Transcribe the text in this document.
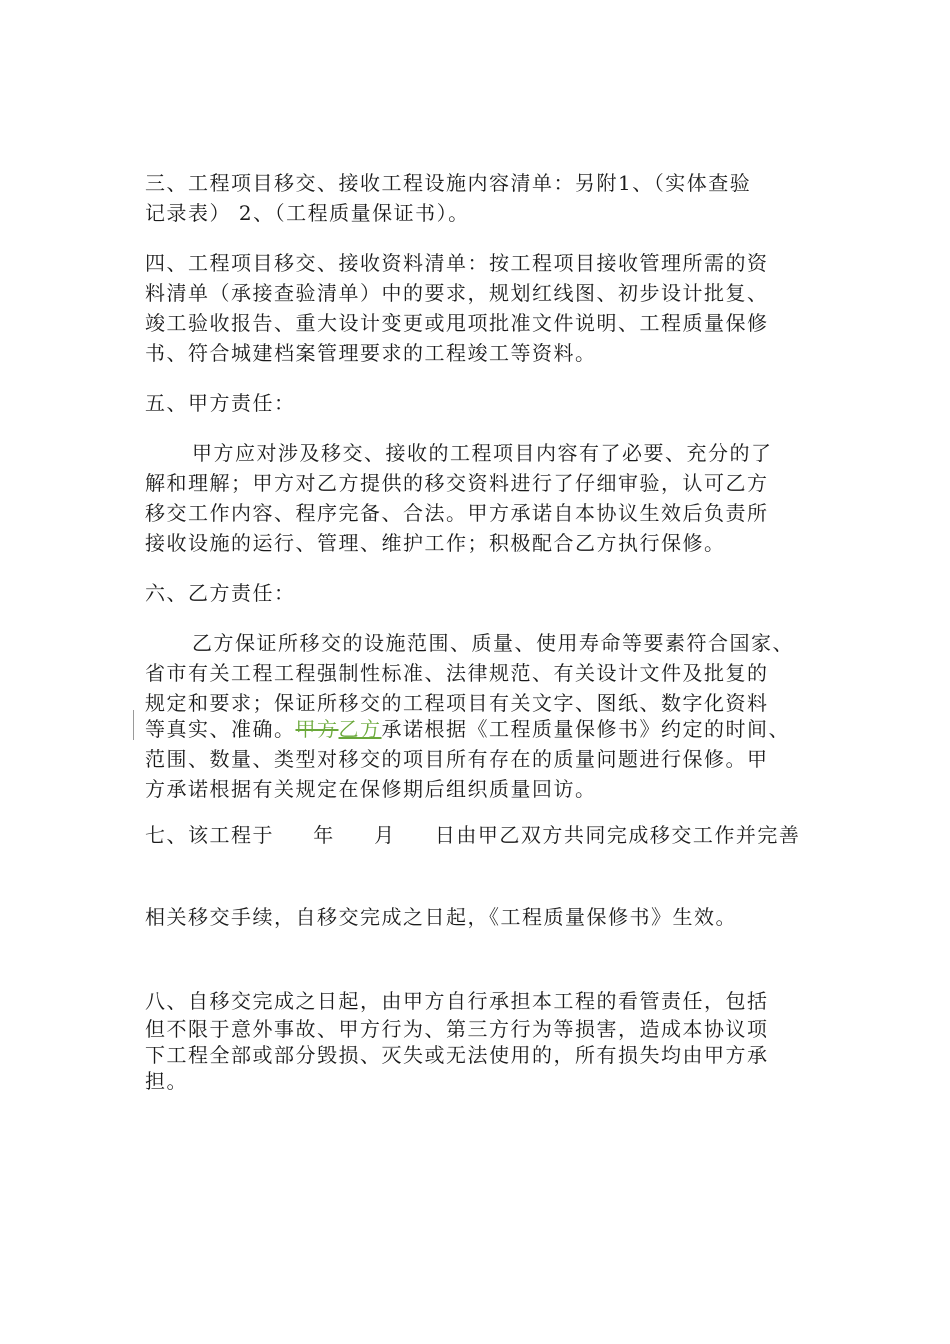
三、工程项目移交、接收工程设施内容清单：另附1、（实体查验
记录表） 2、（工程质量保证书）。
四、工程项目移交、接收资料清单：按工程项目接收管理所需的资
料清单（承接查验清单）中的要求，规划红线图、初步设计批复、
竣工验收报告、重大设计变更或甩项批准文件说明、工程质量保修
书、符合城建档案管理要求的工程竣工等资料。
五、甲方责任：
甲方应对涉及移交、接收的工程项目内容有了必要、充分的了
解和理解；甲方对乙方提供的移交资料进行了仔细审验，认可乙方
移交工作内容、程序完备、合法。甲方承诺自本协议生效后负责所
接收设施的运行、管理、维护工作；积极配合乙方执行保修。
六、乙方责任：
乙方保证所移交的设施范围、质量、使用寿命等要素符合国家、
省市有关工程工程强制性标准、法律规范、有关设计文件及批复的
规定和要求；保证所移交的工程项目有关文字、图纸、数字化资料
等真实、准确。甲方乙方承诺根据《工程质量保修书》约定的时间、
范围、数量、类型对移交的项目所有存在的质量问题进行保修。甲
方承诺根据有关规定在保修期后组织质量回访。
七、该工程于     年     月     日由甲乙双方共同完成移交工作并完善
相关移交手续，自移交完成之日起，《工程质量保修书》生效。
八、自移交完成之日起，由甲方自行承担本工程的看管责任，包括
但不限于意外事故、甲方行为、第三方行为等损害，造成本协议项
下工程全部或部分毁损、灭失或无法使用的，所有损失均由甲方承
担。
